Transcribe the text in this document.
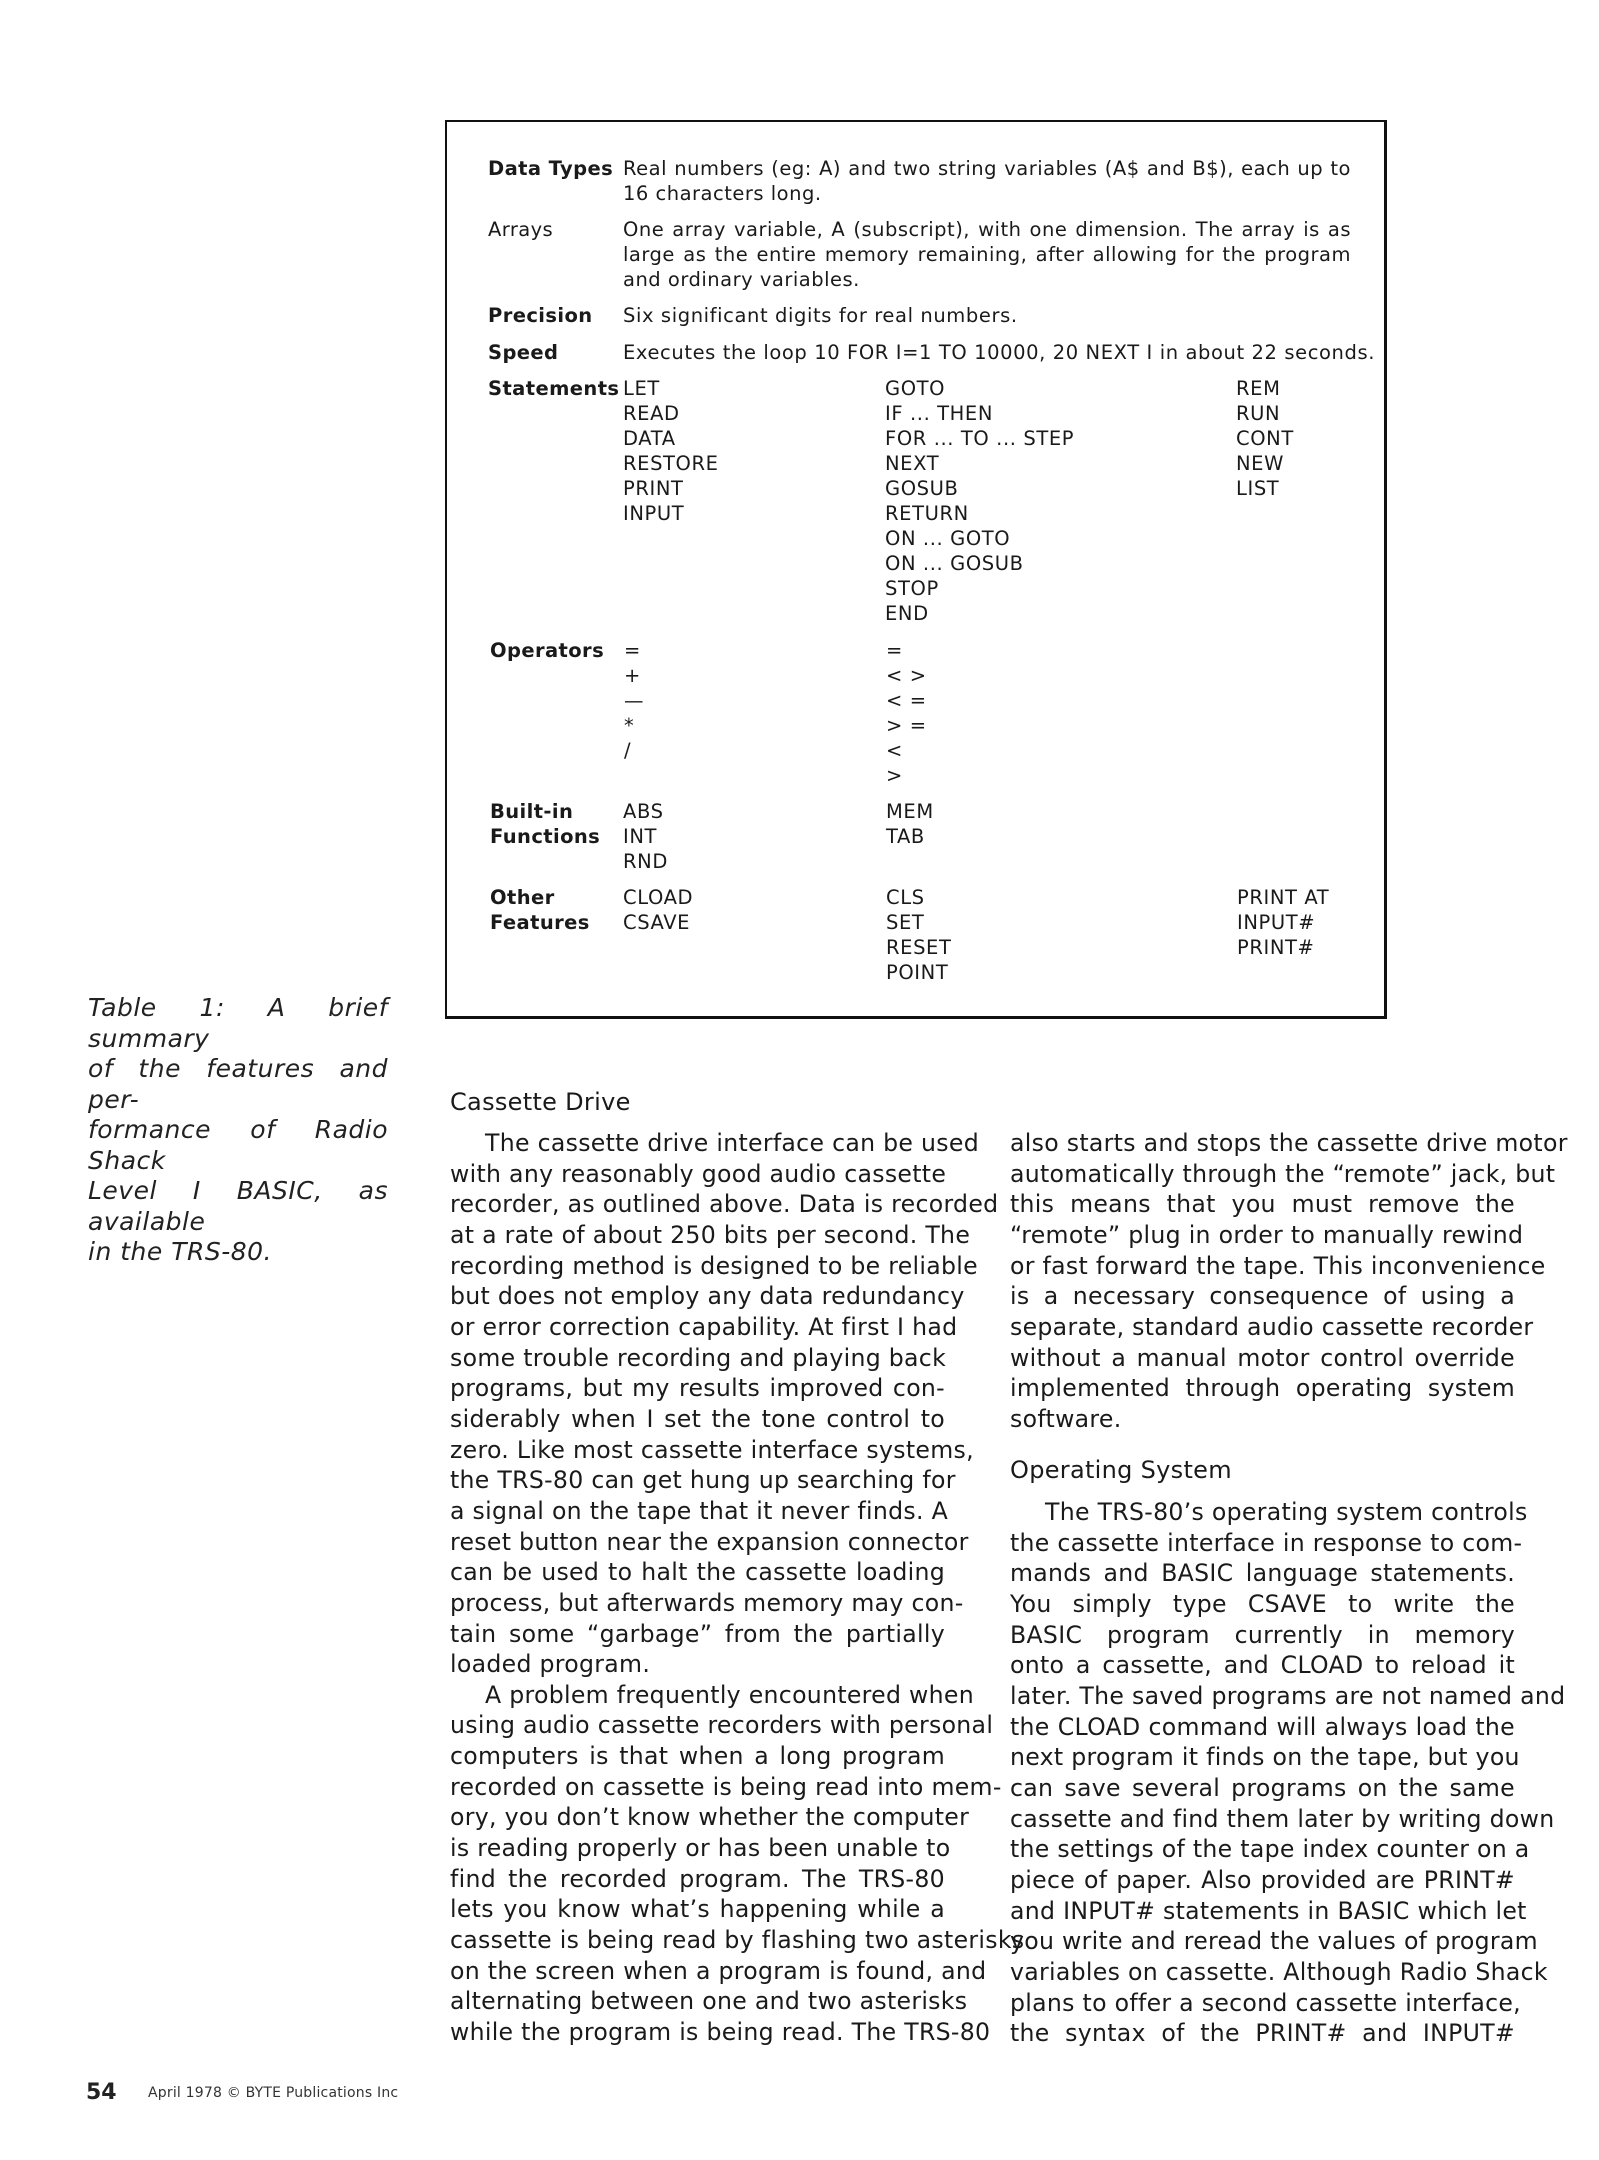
Table 1: A brief summary
of the features and per-
formance of Radio Shack
Level I BASIC, as available
in the TRS-80.
Data Types Real numbers (eg: A) and two string variables (A$ and B$), each up to
16 characters long.
Arrays	One array variable, A (subscript), with one dimension. The array is as
large as the entire memory remaining, after allowing for the program
and ordinary variables.
Precision Six significant digits for real numbers.
Speed	Executes the loop 10 FOR I=1 TO 10000, 20 NEXT I in about 22 seconds.
Statements LET
READ
DATA
RESTORE
PRINT
INPUT
GOTO
IF ... THEN
FOR ... TO ... STEP
NEXT
GOSUB
RETURN
ON ... GOTO
ON ... GOSUB
STOP
END
REM
RUN
CONT
NEW
LIST
Operators =
+
—
*
/
=
< >
< =
> =
<
>
Built-in
Functions
ABS
INT
RND
MEM
TAB
Other
Features
CLOAD
CSAVE
CLS
SET
RESET
POINT
PRINT AT
INPUT#
PRINT#
Cassette Drive
The cassette drive interface can be used
with any reasonably good audio cassette
recorder, as outlined above. Data is recorded
at a rate of about 250 bits per second. The
recording method is designed to be reliable
but does not employ any data redundancy
or error correction capability. At first I had
some trouble recording and playing back
programs, but my results improved con-
siderably when I set the tone control to
zero. Like most cassette interface systems,
the TRS-80 can get hung up searching for
a signal on the tape that it never finds. A
reset button near the expansion connector
can be used to halt the cassette loading
process, but afterwards memory may con-
tain some “garbage” from the partially
loaded program.
A problem frequently encountered when
using audio cassette recorders with personal
computers is that when a long program
recorded on cassette is being read into mem-
ory, you don’t know whether the computer
is reading properly or has been unable to
find the recorded program. The TRS-80
lets you know what’s happening while a
cassette is being read by flashing two asterisks
on the screen when a program is found, and
alternating between one and two asterisks
while the program is being read. The TRS-80
also starts and stops the cassette drive motor
automatically through the “remote” jack, but
this means that you must remove the
“remote” plug in order to manually rewind
or fast forward the tape. This inconvenience
is a necessary consequence of using a
separate, standard audio cassette recorder
without a manual motor control override
implemented through operating system
software.
Operating System
The TRS-80’s operating system controls
the cassette interface in response to com-
mands and BASIC language statements.
You simply type CSAVE to write the
BASIC program currently in memory
onto a cassette, and CLOAD to reload it
later. The saved programs are not named and
the CLOAD command will always load the
next program it finds on the tape, but you
can save several programs on the same
cassette and find them later by writing down
the settings of the tape index counter on a
piece of paper. Also provided are PRINT#
and INPUT# statements in BASIC which let
you write and reread the values of program
variables on cassette. Although Radio Shack
plans to offer a second cassette interface,
the syntax of the PRINT# and INPUT#
54 April 1978 © BYTE Publications Inc
